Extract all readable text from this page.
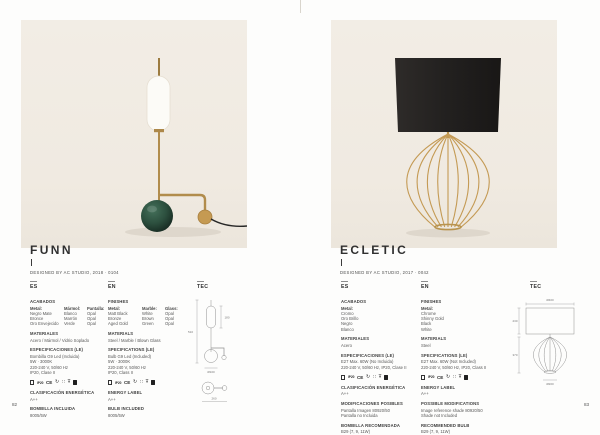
FUNN
DESIGNED BY AC STUDIO, 2018 · 0104
ES
ACABADOS
Metal:	Mármol:	Pantalla:
Negro Mate	Blanco	Opal
Bronce	Marrón	Opal
Oro Envejecido	Verde	Opal
MATERIALES
Acero / Mármol / Vidrio Soplado
ESPECIFICACIONES (LE)
Bombilla G9 Led (Incluida)
5W · 3000K
220-240 V, 50/60 Hz
IP20, Clase II
IP20 CE ↻ ∷ Ŧ
CLASIFICACIÓN ENERGÉTICA
A++
BOMBILLA INCLUIDA
8005/5W
EN
FINISHES
Metal:	Marble:	Glass:
Matt Black	White	Opal
Bronze	Brown	Opal
Aged Gold	Green	Opal
MATERIALS
Steel / Marble / Blown Glass
SPECIFICATIONS (LE)
Bulb G9 Led (Included)
5W · 3000K
220-240 V, 50/60 Hz
IP20, Class II
IP20 CE ↻ ∷ Ŧ
ENERGY LABEL
A++
BULB INCLUDED
8005/5W
TEC
180
510
Ø100
260
ECLETIC
DESIGNED BY AC STUDIO, 2017 · 0042
ES
ACABADOS
Metal:
Cromo
Oro Brillo
Negro
Blanco
MATERIALES
Acero
ESPECIFICACIONES (LE)
E27 Max. 60W (No Incluida)
220-240 V, 50/60 Hz, IP20, Clase II
IP20 CE ↻ ∷ Ŧ
CLASIFICACIÓN ENERGÉTICA
A++
MODIFICACIONES POSIBLES
Pantalla Imagen 80920/50
Pantalla no Incluida
BOMBILLA RECOMENDADA
B29 (7, 9, 11W)
EN
FINISHES
Metal:
Chrome
Shinny Gold
Black
White
MATERIALS
Steel
SPECIFICATIONS (LE)
E27 Max. 60W (Not Included)
220-240 V, 50/60 Hz, IP20, Class II
IP20 CE ↻ ∷ Ŧ
ENERGY LABEL
A++
POSSIBLE MODIFICATIONS
Image reference shade 80920/50
Shade not Included
RECOMMENDED BULB
B29 (7, 9, 11W)
TEC
Ø400
230
370
Ø200
82	83
